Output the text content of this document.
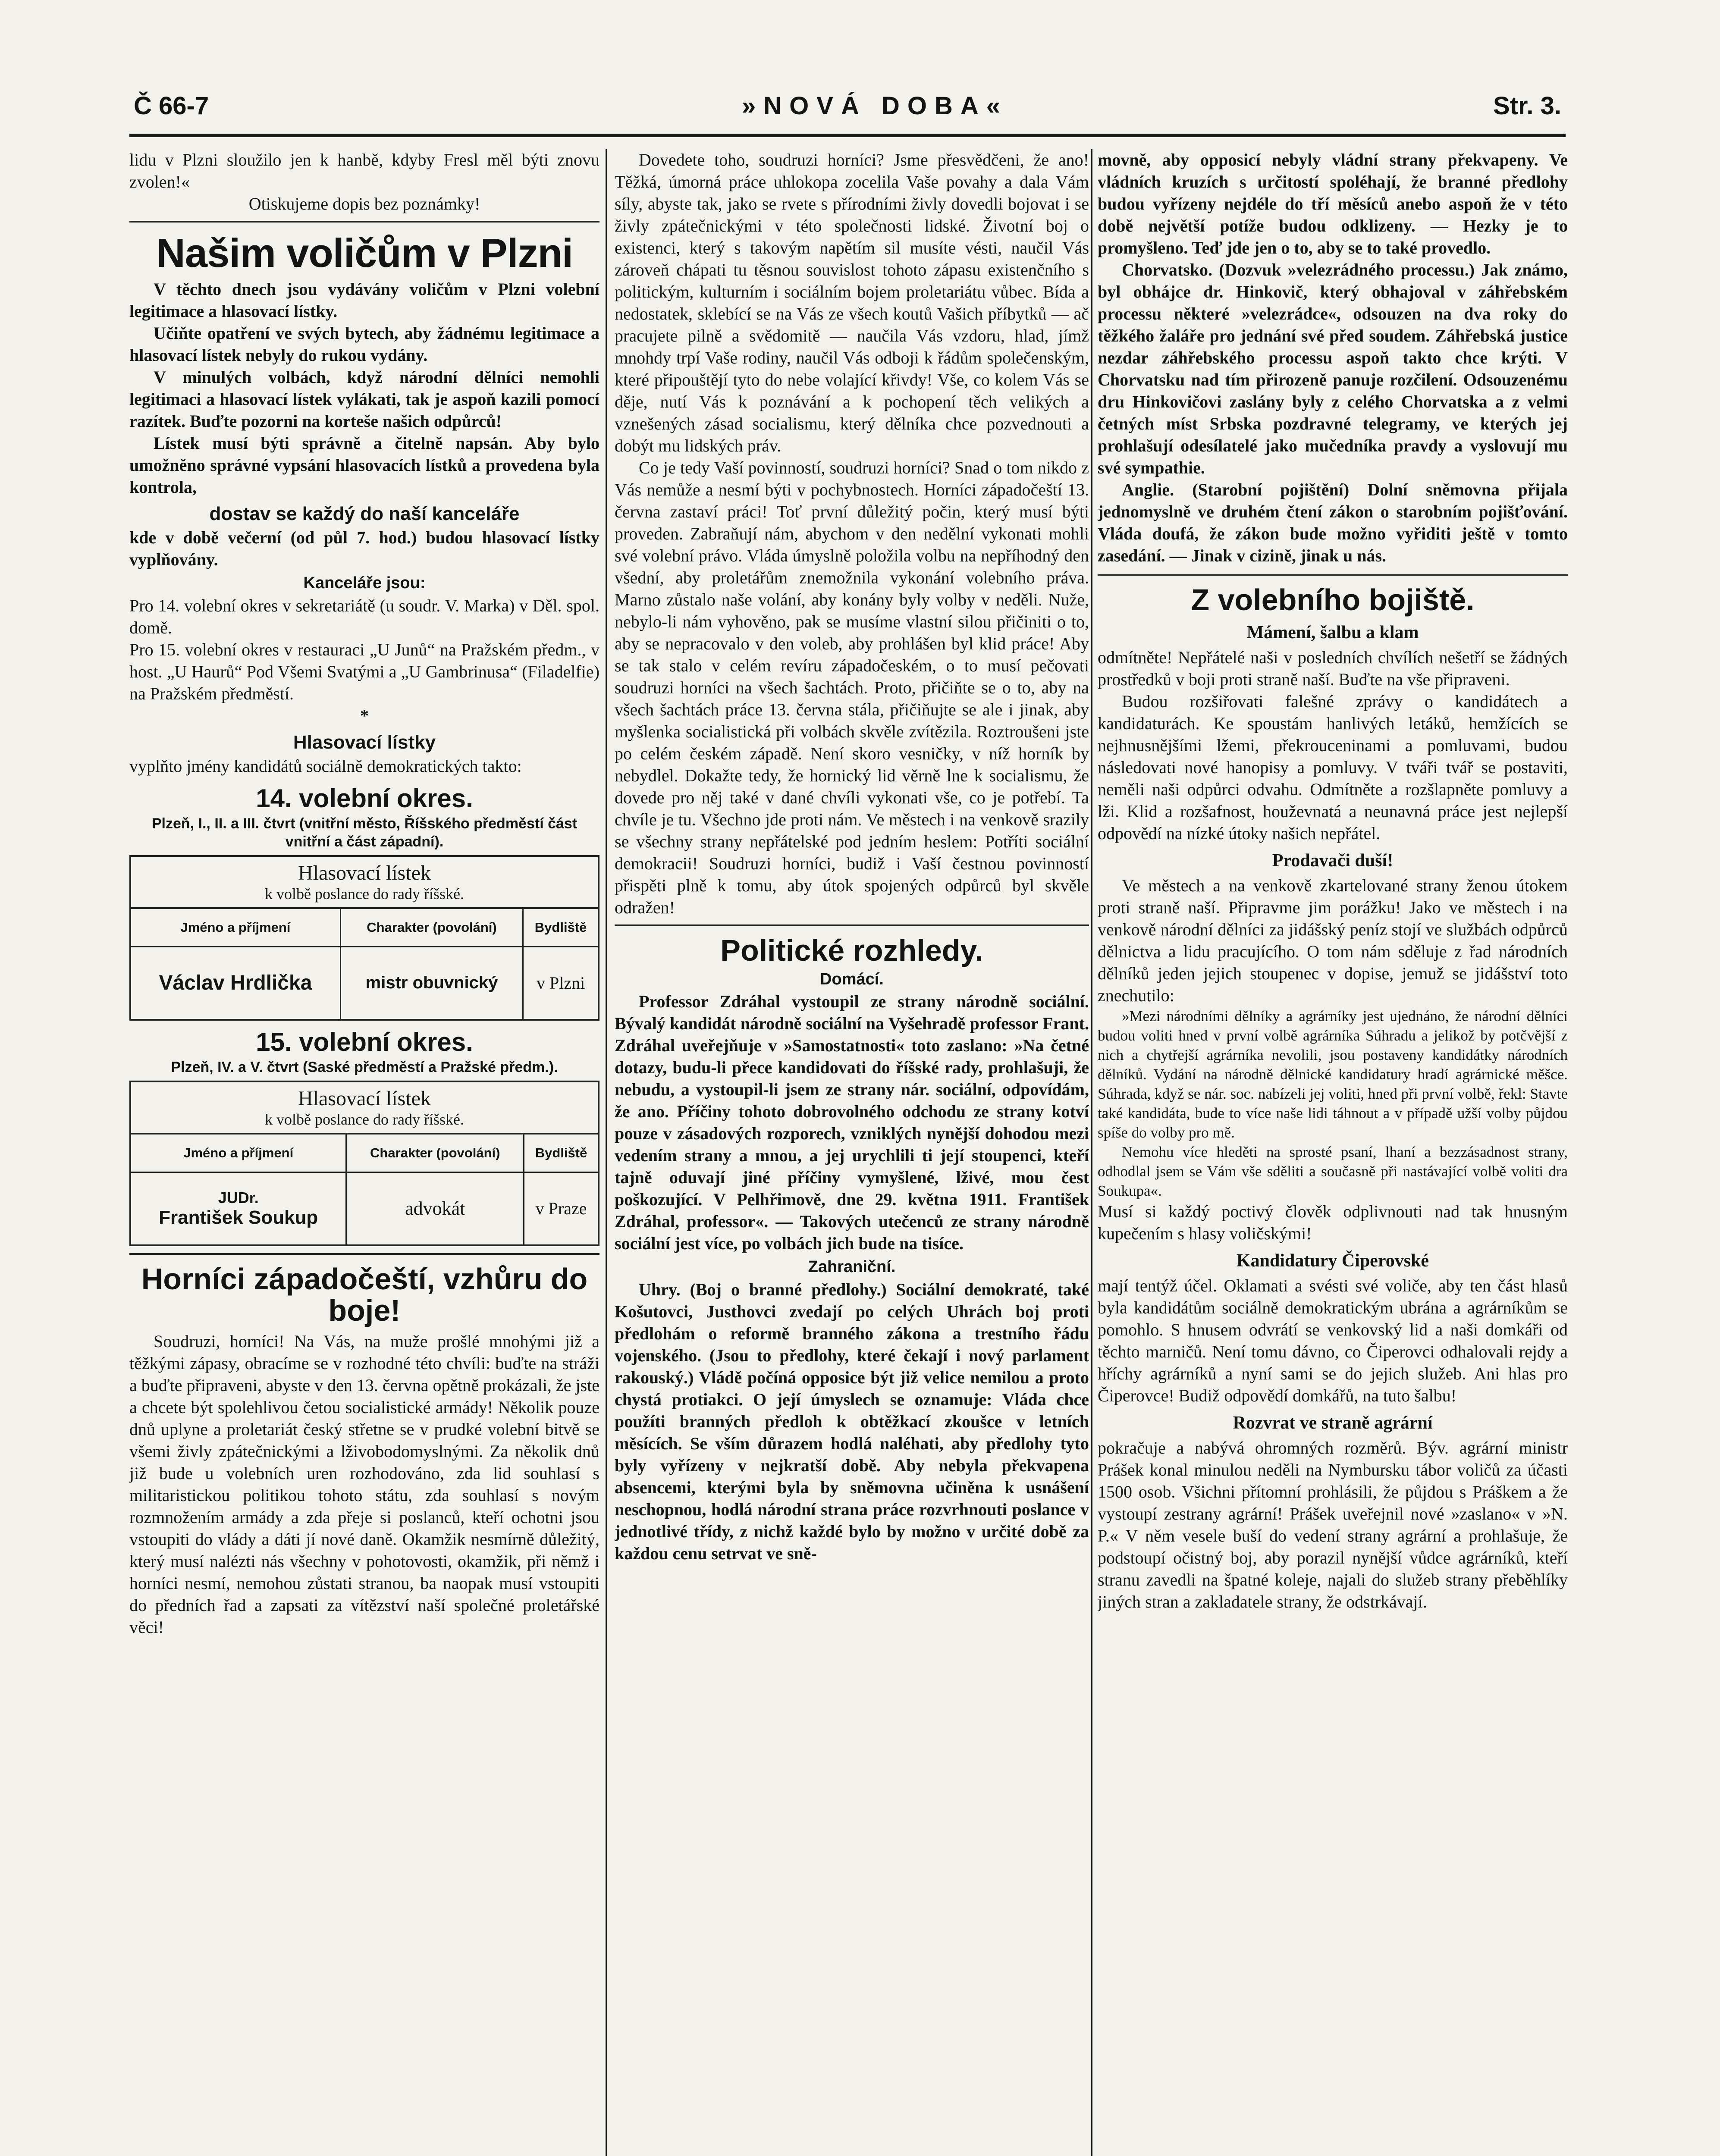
Č 66-7	»NOVÁ DOBA«	Str. 3.

lidu v Plzni sloužilo jen k hanbě, kdyby Fresl měl býti znovu zvolen!«

Otiskujeme dopis bez poznámky!

Našim voličům v Plzni

V těchto dnech jsou vydávány voličům v Plzni volební legitimace a hlasovací lístky.

Učiňte opatření ve svých bytech, aby žádnému legitimace a hlasovací lístek nebyly do rukou vydány.

V minulých volbách, když národní dělníci nemohli legitimaci a hlasovací lístek vylákati, tak je aspoň kazili pomocí razítek. Buďte pozorni na korteše našich odpůrců!

Lístek musí býti správně a čitelně napsán. Aby bylo umožněno správné vypsání hlasovacích lístků a provedena byla kontrola,

dostav se každý do naší kanceláře

kde v době večerní (od půl 7. hod.) budou hlasovací lístky vyplňovány.

Kanceláře jsou:

Pro 14. volební okres v sekretariátě (u soudr. V. Marka) v Děl. spol. domě.

Pro 15. volební okres v restauraci „U Junů“ na Pražském předm., v host. „U Haurů“ Pod Všemi Svatými a „U Gambrinusa“ (Filadelfie) na Pražském předměstí.

*

Hlasovací lístky

vyplňto jmény kandidátů sociálně demokratických takto:

14. volební okres.

Plzeň, I., II. a III. čtvrt (vnitřní město, Říšského předměstí část vnitřní a část západní).

Hlasovací lístek
k volbě poslance do rady říšské.
Jméno a příjmení	Charakter (povolání)	Bydliště
Václav Hrdlička	mistr obuvnický	v Plzni
15. volební okres.

Plzeň, IV. a V. čtvrt (Saské předměstí a Pražské předm.).

Hlasovací lístek
k volbě poslance do rady říšské.
Jméno a příjmení	Charakter (povolání)	Bydliště

JUDr.
František Soukup	advokát	v Praze
Horníci západočeští, vzhůru do boje!

Soudruzi, horníci! Na Vás, na muže prošlé mnohými již a těžkými zápasy, obracíme se v rozhodné této chvíli: buďte na stráži a buďte připraveni, abyste v den 13. června opětně prokázali, že jste a chcete být spolehlivou četou socialistické armády! Několik pouze dnů uplyne a proletariát český střetne se v prudké volební bitvě se všemi živly zpátečnickými a lživobodomyslnými. Za několik dnů již bude u volebních uren rozhodováno, zda lid souhlasí s militaristickou politikou tohoto státu, zda souhlasí s novým rozmnožením armády a zda přeje si poslanců, kteří ochotni jsou vstoupiti do vlády a dáti jí nové daně. Okamžik nesmírně důležitý, který musí nalézti nás všechny v pohotovosti, okamžik, při němž i horníci nesmí, nemohou zůstati stranou, ba naopak musí vstoupiti do předních řad a zapsati za vítězství naší společné proletářské věci!

Dovedete toho, soudruzi horníci? Jsme přesvědčeni, že ano! Těžká, úmorná práce uhlokopa zocelila Vaše povahy a dala Vám síly, abyste tak, jako se rvete s přírodními živly dovedli bojovat i se živly zpátečnickými v této společnosti lidské. Životní boj o existenci, který s takovým napětím sil musíte vésti, naučil Vás zároveň chápati tu těsnou souvislost tohoto zápasu existenčního s politickým, kulturním i sociálním bojem proletariátu vůbec. Bída a nedostatek, sklebící se na Vás ze všech koutů Vašich příbytků — ač pracujete pilně a svědomitě — naučila Vás vzdoru, hlad, jímž mnohdy trpí Vaše rodiny, naučil Vás odboji k řádům společenským, které připouštějí tyto do nebe volající křivdy! Vše, co kolem Vás se děje, nutí Vás k poznávání a k pochopení těch velikých a vznešených zásad socialismu, který dělníka chce pozvednouti a dobýt mu lidských práv.

Co je tedy Vaší povinností, soudruzi horníci? Snad o tom nikdo z Vás nemůže a nesmí býti v pochybnostech. Horníci západočeští 13. června zastaví práci! Toť první důležitý počin, který musí býti proveden. Zabraňují nám, abychom v den nedělní vykonati mohli své volební právo. Vláda úmyslně položila volbu na nepříhodný den všední, aby proletářům znemožnila vykonání volebního práva. Marno zůstalo naše volání, aby konány byly volby v neděli. Nuže, nebylo-li nám vyhověno, pak se musíme vlastní silou přičiniti o to, aby se nepracovalo v den voleb, aby prohlášen byl klid práce! Aby se tak stalo v celém revíru západočeském, o to musí pečovati soudruzi horníci na všech šachtách. Proto, přičiňte se o to, aby na všech šachtách práce 13. června stála, přičiňujte se ale i jinak, aby myšlenka socialistická při volbách skvěle zvítězila. Roztroušeni jste po celém českém západě. Není skoro vesničky, v níž horník by nebydlel. Dokažte tedy, že hornický lid věrně lne k socialismu, že dovede pro něj také v dané chvíli vykonati vše, co je potřebí. Ta chvíle je tu. Všechno jde proti nám. Ve městech i na venkově srazily se všechny strany nepřátelské pod jedním heslem: Potříti sociální demokracii! Soudruzi horníci, budiž i Vaší čestnou povinností přispěti plně k tomu, aby útok spojených odpůrců byl skvěle odražen!

Politické rozhledy.
Domácí.

Professor Zdráhal vystoupil ze strany národně sociální. Bývalý kandidát národně sociální na Vyšehradě professor Frant. Zdráhal uveřejňuje v »Samostatnosti« toto zaslano: »Na četné dotazy, budu-li přece kandidovati do říšské rady, prohlašuji, že nebudu, a vystoupil-li jsem ze strany nár. sociální, odpovídám, že ano. Příčiny tohoto dobrovolného odchodu ze strany kotví pouze v zásadových rozporech, vzniklých nynější dohodou mezi vedením strany a mnou, a jej urychlili ti její stoupenci, kteří tajně oduvají jiné příčiny vymyšlené, lživé, mou čest poškozující. V Pelhřimově, dne 29. května 1911. František Zdráhal, professor«. — Takových utečenců ze strany národně sociální jest více, po volbách jich bude na tisíce.

Zahraniční.

Uhry. (Boj o branné předlohy.) Sociální demokraté, také Košutovci, Justhovci zvedají po celých Uhrách boj proti předlohám o reformě branného zákona a trestního řádu vojenského. (Jsou to předlohy, které čekají i nový parlament rakouský.) Vládě počíná opposice být již velice nemilou a proto chystá protiakci. O její úmyslech se oznamuje: Vláda chce použíti branných předloh k obtěžkací zkoušce v letních měsících. Se vším důrazem hodlá naléhati, aby předlohy tyto byly vyřízeny v nejkratší době. Aby nebyla překvapena absencemi, kterými byla by sněmovna učiněna k usnášení neschopnou, hodlá národní strana práce rozvrhnouti poslance v jednotlivé třídy, z nichž každé bylo by možno v určité době za každou cenu setrvat ve sně-

movně, aby opposicí nebyly vládní strany překvapeny. Ve vládních kruzích s určitostí spoléhají, že branné předlohy budou vyřízeny nejdéle do tří měsíců anebo aspoň že v této době největší potíže budou odklizeny. — Hezky je to promyšleno. Teď jde jen o to, aby se to také provedlo.

Chorvatsko. (Dozvuk »velezrádného processu.) Jak známo, byl obhájce dr. Hinkovič, který obhajoval v záhřebském processu některé »velezrádce«, odsouzen na dva roky do těžkého žaláře pro jednání své před soudem. Záhřebská justice nezdar záhřebského processu aspoň takto chce krýti. V Chorvatsku nad tím přirozeně panuje rozčilení. Odsouzenému dru Hinkovičovi zaslány byly z celého Chorvatska a z velmi četných míst Srbska pozdravné telegramy, ve kterých jej prohlašují odesílatelé jako mučedníka pravdy a vyslovují mu své sympathie.

Anglie. (Starobní pojištění) Dolní sněmovna přijala jednomyslně ve druhém čtení zákon o starobním pojišťování. Vláda doufá, že zákon bude možno vyřiditi ještě v tomto zasedání. — Jinak v cizině, jinak u nás.

Z volebního bojiště.
Mámení, šalbu a klam

odmítněte! Nepřátelé naši v posledních chvílích nešetří se žádných prostředků v boji proti straně naší. Buďte na vše připraveni.

Budou rozšiřovati falešné zprávy o kandidátech a kandidaturách. Ke spoustám hanlivých letáků, hemžících se nejhnusnějšími lžemi, překrouceninami a pomluvami, budou následovati nové hanopisy a pomluvy. V tváři tvář se postaviti, neměli naši odpůrci odvahu. Odmítněte a rozšlapněte pomluvy a lži. Klid a rozšafnost, houževnatá a neunavná práce jest nejlepší odpovědí na nízké útoky našich nepřátel.

Prodavači duší!

Ve městech a na venkově zkartelované strany ženou útokem proti straně naší. Připravme jim porážku! Jako ve městech i na venkově národní dělníci za jidášský peníz stojí ve službách odpůrců dělnictva a lidu pracujícího. O tom nám sděluje z řad národních dělníků jeden jejich stoupenec v dopise, jemuž se jidášství toto znechutilo:

»Mezi národními dělníky a agrárníky jest ujednáno, že národní dělníci budou voliti hned v první volbě agrárníka Súhradu a jelikož by potčvější z nich a chytřejší agrárníka nevolili, jsou postaveny kandidátky národních dělníků. Vydání na národně dělnické kandidatury hradí agrárnické měšce. Súhrada, když se nár. soc. nabízeli jej voliti, hned při první volbě, řekl: Stavte také kandidáta, bude to více naše lidi táhnout a v případě užší volby půjdou spíše do volby pro mě.

Nemohu více hleděti na sprosté psaní, lhaní a bezzásadnost strany, odhodlal jsem se Vám vše sděliti a současně při nastávající volbě voliti dra Soukupa«.

Musí si každý poctivý člověk odplivnouti nad tak hnusným kupečením s hlasy voličskými!

Kandidatury Čiperovské

mají tentýž účel. Oklamati a svésti své voliče, aby ten část hlasů byla kandidátům sociálně demokratickým ubrána a agrárníkům se pomohlo. S hnusem odvrátí se venkovský lid a naši domkáři od těchto marničů. Není tomu dávno, co Čiperovci odhalovali rejdy a hříchy agrárníků a nyní sami se do jejich služeb. Ani hlas pro Čiperovce! Budiž odpovědí domkářů, na tuto šalbu!

Rozvrat ve straně agrární

pokračuje a nabývá ohromných rozměrů. Býv. agrární ministr Prášek konal minulou neděli na Nymbursku tábor voličů za účasti 1500 osob. Všichni přítomní prohlásili, že půjdou s Práškem a že vystoupí zestrany agrární! Prášek uveřejnil nové »zaslano« v »N. P.« V něm vesele buší do vedení strany agrární a prohlašuje, že podstoupí očistný boj, aby porazil nynější vůdce agrárníků, kteří stranu zavedli na špatné koleje, najali do služeb strany přeběhlíky jiných stran a zakladatele strany, že odstrkávají.
